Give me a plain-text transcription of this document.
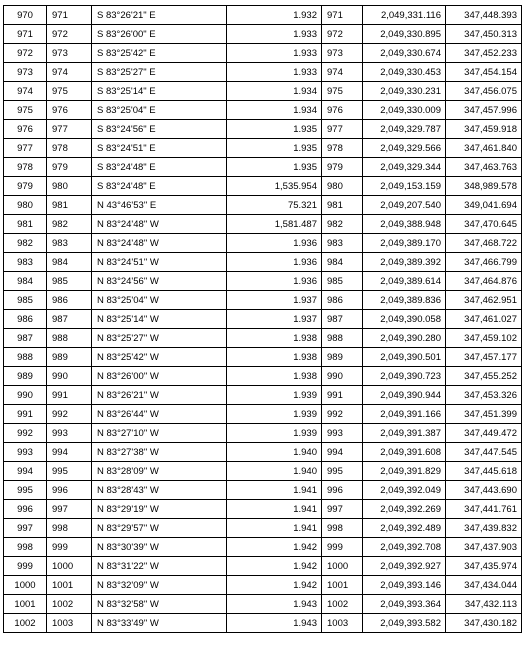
970	971	S 83°26'21" E	1.932	971	2,049,331.116	347,448.393
971	972	S 83°26'00" E	1.933	972	2,049,330.895	347,450.313
972	973	S 83°25'42" E	1.933	973	2,049,330.674	347,452.233
973	974	S 83°25'27" E	1.933	974	2,049,330.453	347,454.154
974	975	S 83°25'14" E	1.934	975	2,049,330.231	347,456.075
975	976	S 83°25'04" E	1.934	976	2,049,330.009	347,457.996
976	977	S 83°24'56" E	1.935	977	2,049,329.787	347,459.918
977	978	S 83°24'51" E	1.935	978	2,049,329.566	347,461.840
978	979	S 83°24'48" E	1.935	979	2,049,329.344	347,463.763
979	980	S 83°24'48" E	1,535.954	980	2,049,153.159	348,989.578
980	981	N 43°46'53" E	75.321	981	2,049,207.540	349,041.694
981	982	N 83°24'48" W	1,581.487	982	2,049,388.948	347,470.645
982	983	N 83°24'48" W	1.936	983	2,049,389.170	347,468.722
983	984	N 83°24'51" W	1.936	984	2,049,389.392	347,466.799
984	985	N 83°24'56" W	1.936	985	2,049,389.614	347,464.876
985	986	N 83°25'04" W	1.937	986	2,049,389.836	347,462.951
986	987	N 83°25'14" W	1.937	987	2,049,390.058	347,461.027
987	988	N 83°25'27" W	1.938	988	2,049,390.280	347,459.102
988	989	N 83°25'42" W	1.938	989	2,049,390.501	347,457.177
989	990	N 83°26'00" W	1.938	990	2,049,390.723	347,455.252
990	991	N 83°26'21" W	1.939	991	2,049,390.944	347,453.326
991	992	N 83°26'44" W	1.939	992	2,049,391.166	347,451.399
992	993	N 83°27'10" W	1.939	993	2,049,391.387	347,449.472
993	994	N 83°27'38" W	1.940	994	2,049,391.608	347,447.545
994	995	N 83°28'09" W	1.940	995	2,049,391.829	347,445.618
995	996	N 83°28'43" W	1.941	996	2,049,392.049	347,443.690
996	997	N 83°29'19" W	1.941	997	2,049,392.269	347,441.761
997	998	N 83°29'57" W	1.941	998	2,049,392.489	347,439.832
998	999	N 83°30'39" W	1.942	999	2,049,392.708	347,437.903
999	1000	N 83°31'22" W	1.942	1000	2,049,392.927	347,435.974
1000	1001	N 83°32'09" W	1.942	1001	2,049,393.146	347,434.044
1001	1002	N 83°32'58" W	1.943	1002	2,049,393.364	347,432.113
1002	1003	N 83°33'49" W	1.943	1003	2,049,393.582	347,430.182
